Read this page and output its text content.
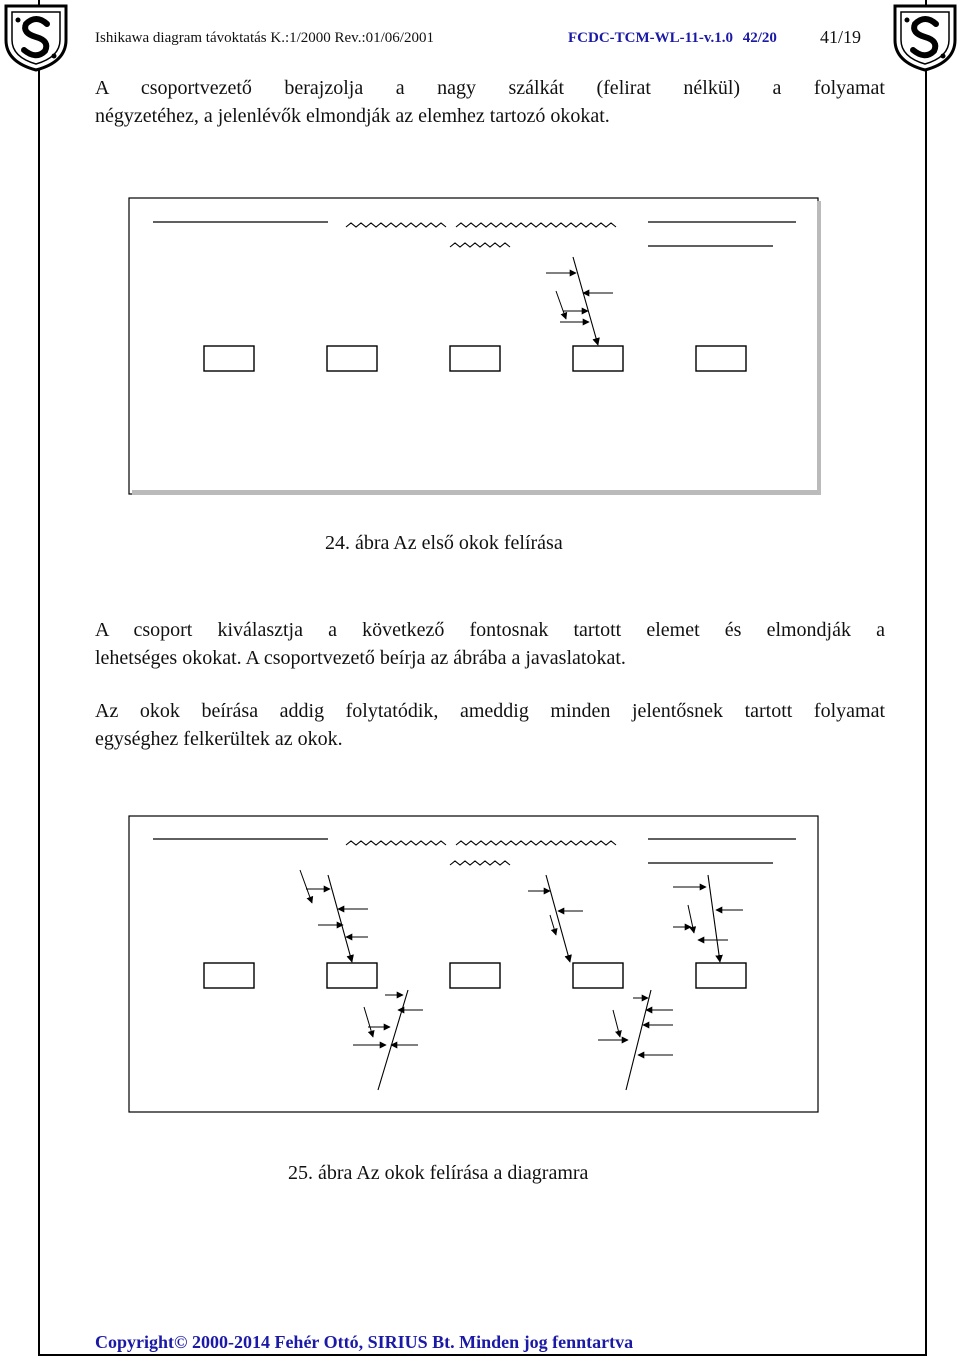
Ishikawa diagram távoktatás K.:1/2000 Rev.:01/06/2001	FCDC-TCM-WL-11-v.1.0 42/20 41/19
A csoportvezető berajzolja a nagy szálkát (felirat nélkül) a folyamat
négyzetéhez, a jelenlévők elmondják az elemhez tartozó okokat.
24. ábra Az első okok felírása
A csoport kiválasztja a következő fontosnak tartott elemet és elmondják a
lehetséges okokat. A csoportvezető beírja az ábrába a javaslatokat.
Az okok beírása addig folytatódik, ameddig minden jelentősnek tartott folyamat
egységhez felkerültek az okok.
25. ábra Az okok felírása a diagramra
Copyright© 2000-2014 Fehér Ottó, SIRIUS Bt. Minden jog fenntartva
